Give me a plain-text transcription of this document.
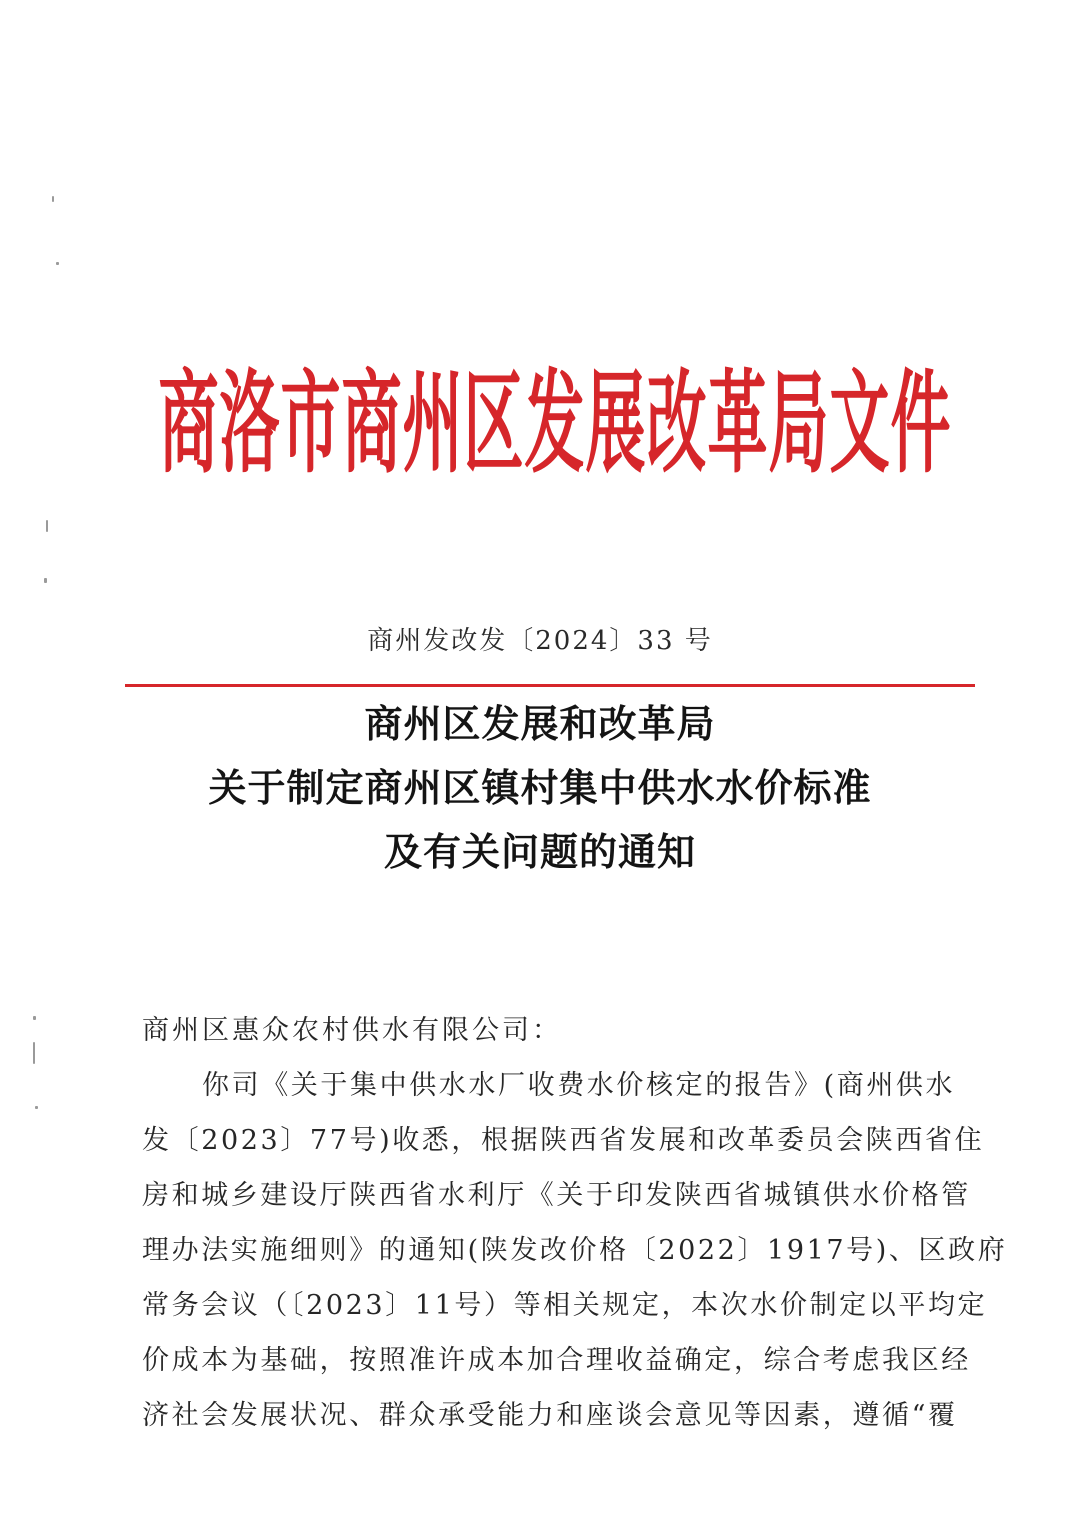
商洛市商州区发展改革局文件
商州发改发〔2024〕33 号
商州区发展和改革局
关于制定商州区镇村集中供水水价标准
及有关问题的通知
商州区惠众农村供水有限公司：
你司《关于集中供水水厂收费水价核定的报告》(商州供水
发〔2023〕77号)收悉，根据陕西省发展和改革委员会陕西省住
房和城乡建设厅陕西省水利厅《关于印发陕西省城镇供水价格管
理办法实施细则》的通知(陕发改价格〔2022〕1917号)、区政府
常务会议（〔2023〕11号）等相关规定，本次水价制定以平均定
价成本为基础，按照准许成本加合理收益确定，综合考虑我区经
济社会发展状况、群众承受能力和座谈会意见等因素，遵循“覆
